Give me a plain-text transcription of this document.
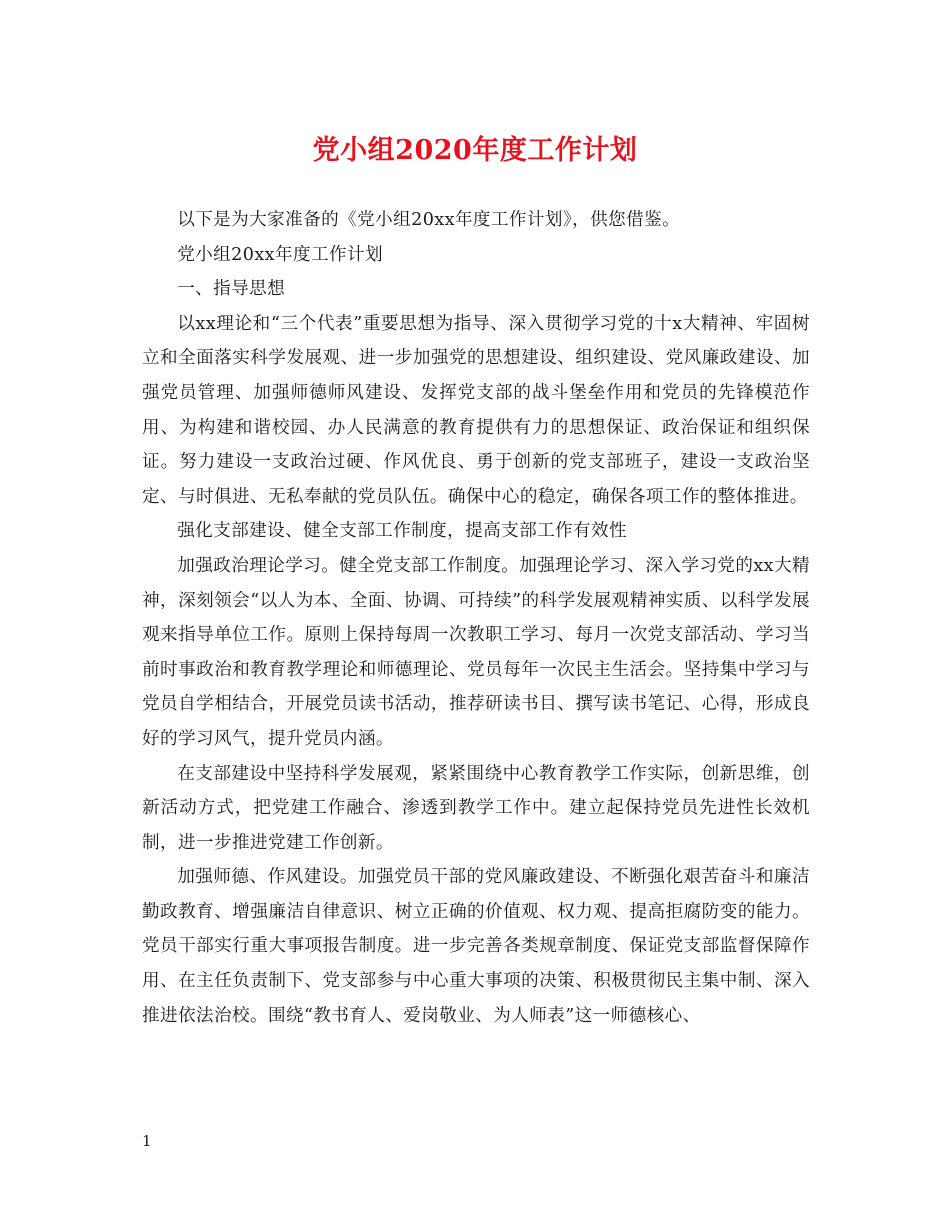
党小组2020年度工作计划

以下是为大家准备的《党小组20xx年度工作计划》，供您借鉴。

党小组20xx年度工作计划

一、指导思想

以xx理论和“三个代表”重要思想为指导、深入贯彻学习党的十x大精神、牢固树立和全面落实科学发展观、进一步加强党的思想建设、组织建设、党风廉政建设、加强党员管理、加强师德师风建设、发挥党支部的战斗堡垒作用和党员的先锋模范作用、为构建和谐校园、办人民满意的教育提供有力的思想保证、政治保证和组织保证。努力建设一支政治过硬、作风优良、勇于创新的党支部班子，建设一支政治坚定、与时俱进、无私奉献的党员队伍。确保中心的稳定，确保各项工作的整体推进。

强化支部建设、健全支部工作制度，提高支部工作有效性

加强政治理论学习。健全党支部工作制度。加强理论学习、深入学习党的xx大精神，深刻领会“以人为本、全面、协调、可持续”的科学发展观精神实质、以科学发展观来指导单位工作。原则上保持每周一次教职工学习、每月一次党支部活动、学习当前时事政治和教育教学理论和师德理论、党员每年一次民主生活会。坚持集中学习与党员自学相结合，开展党员读书活动，推荐研读书目、撰写读书笔记、心得，形成良好的学习风气，提升党员内涵。

在支部建设中坚持科学发展观，紧紧围绕中心教育教学工作实际，创新思维，创新活动方式，把党建工作融合、渗透到教学工作中。建立起保持党员先进性长效机制，进一步推进党建工作创新。

加强师德、作风建设。加强党员干部的党风廉政建设、不断强化艰苦奋斗和廉洁勤政教育、增强廉洁自律意识、树立正确的价值观、权力观、提高拒腐防变的能力。党员干部实行重大事项报告制度。进一步完善各类规章制度、保证党支部监督保障作用、在主任负责制下、党支部参与中心重大事项的决策、积极贯彻民主集中制、深入推进依法治校。围绕“教书育人、爱岗敬业、为人师表”这一师德核心、

1
